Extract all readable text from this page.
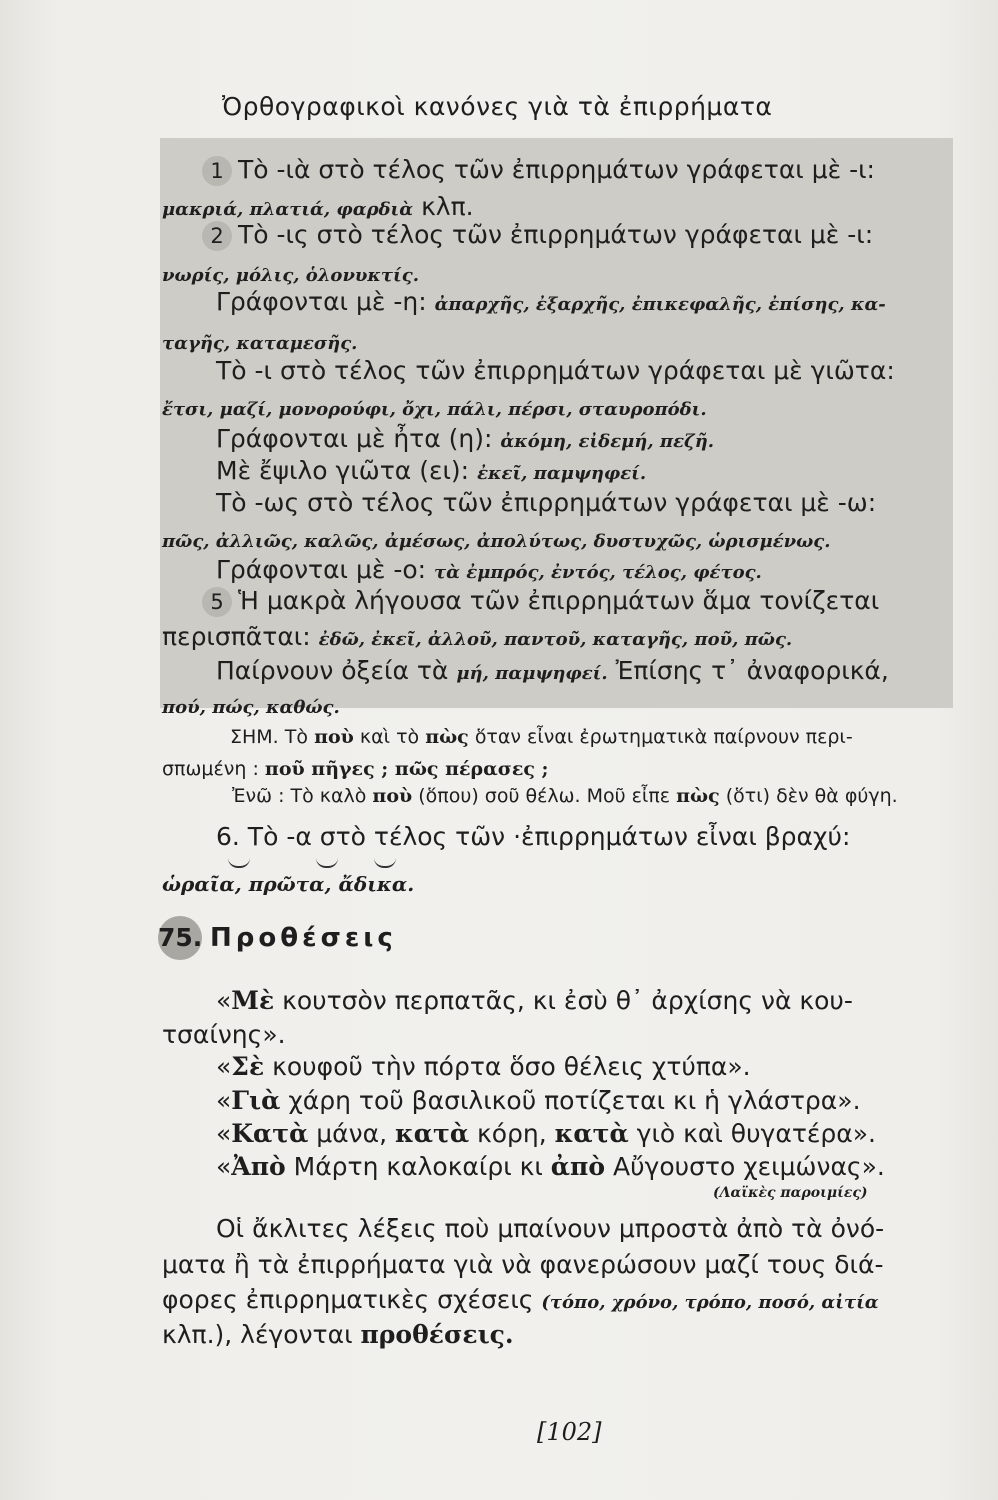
Ὀρθογραφικοὶ κανόνες γιὰ τὰ ἐπιρρήματα
1 Τὸ -ιὰ στὸ τέλος τῶν ἐπιρρημάτων γράφεται μὲ -ι:
μακριά, πλατιά, φαρδιὰ κλπ.
2 Τὸ -ις στὸ τέλος τῶν ἐπιρρημάτων γράφεται μὲ -ι:
νωρίς, μόλις, ὁλονυκτίς.
Γράφονται μὲ -η: ἀπαρχῆς, ἐξαρχῆς, ἐπικεφαλῆς, ἐπίσης, κα-
ταγῆς, καταμεσῆς.
Τὸ -ι στὸ τέλος τῶν ἐπιρρημάτων γράφεται μὲ γιῶτα:
ἔτσι, μαζί, μονορούφι, ὄχι, πάλι, πέρσι, σταυροπόδι.
Γράφονται μὲ ἦτα (η): ἀκόμη, εἰδεμή, πεζῆ.
Μὲ ἔψιλο γιῶτα (ει): ἐκεῖ, παμψηφεί.
Τὸ -ως στὸ τέλος τῶν ἐπιρρημάτων γράφεται μὲ -ω:
πῶς, ἀλλιῶς, καλῶς, ἀμέσως, ἀπολύτως, δυστυχῶς, ὡρισμένως.
Γράφονται μὲ -ο: τὰ ἐμπρός, ἐντός, τέλος, φέτος.
5 Ἡ μακρὰ λήγουσα τῶν ἐπιρρημάτων ἅμα τονίζεται
περισπᾶται: ἐδῶ, ἐκεῖ, ἀλλοῦ, παντοῦ, καταγῆς, ποῦ, πῶς.
Παίρνουν ὀξεία τὰ μή, παμψηφεί. Ἐπίσης τ᾽ ἀναφορικά,
πού, πώς, καθώς.
ΣΗΜ. Τὸ ποὺ καὶ τὸ πὼς ὅταν εἶναι ἐρωτηματικὰ παίρνουν περι-
σπωμένη : ποῦ πῆγες ; πῶς πέρασες ;
Ἐνῶ : Τὸ καλὸ ποὺ (ὅπου) σοῦ θέλω. Μοῦ εἶπε πὼς (ὅτι) δὲν θὰ φύγη.
6. Τὸ -α στὸ τέλος τῶν ·ἐπιρρημάτων εἶναι βραχύ:
ὡραῖα, πρῶτα, ἄδικα.
75. Προθέσεις
«Μὲ κουτσὸν περπατᾶς, κι ἐσὺ θ᾽ ἀρχίσης νὰ κου-
τσαίνης».
«Σὲ κουφοῦ τὴν πόρτα ὅσο θέλεις χτύπα».
«Γιὰ χάρη τοῦ βασιλικοῦ ποτίζεται κι ἡ γλάστρα».
«Κατὰ μάνα, κατὰ κόρη, κατὰ γιὸ καὶ θυγατέρα».
«Ἀπὸ Μάρτη καλοκαίρι κι ἀπὸ Αὔγουστο χειμώνας».
(Λαϊκὲς παροιμίες)
Οἱ ἄκλιτες λέξεις ποὺ μπαίνουν μπροστὰ ἀπὸ τὰ ὀνό-
ματα ἢ τὰ ἐπιρρήματα γιὰ νὰ φανερώσουν μαζί τους διά-
φορες ἐπιρρηματικὲς σχέσεις (τόπο, χρόνο, τρόπο, ποσό, αἰτία
κλπ.), λέγονται προθέσεις.
[102]
